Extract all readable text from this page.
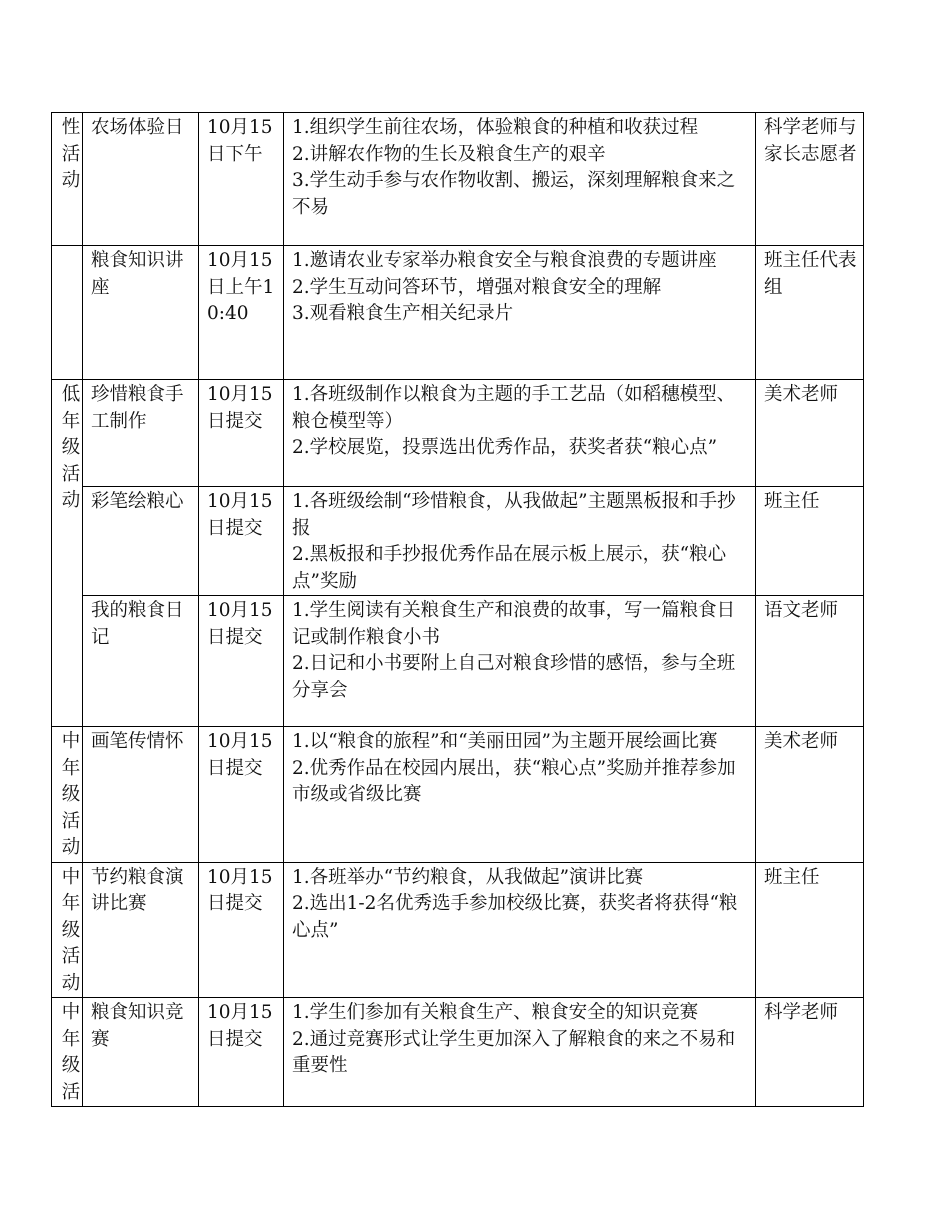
性活动	农场体验日	10月15日下午	1.组织学生前往农场，体验粮食的种植和收获过程

2.讲解农作物的生长及粮食生产的艰辛

3.学生动手参与农作物收割、搬运，深刻理解粮食来之不易	科学老师与家长志愿者

	粮食知识讲座	10月15日上午10:40	1.邀请农业专家举办粮食安全与粮食浪费的专题讲座

2.学生互动问答环节，增强对粮食安全的理解

3.观看粮食生产相关纪录片	班主任代表组

低年级活动	珍惜粮食手工制作	10月15日提交	1.各班级制作以粮食为主题的手工艺品（如稻穗模型、粮仓模型等）

2.学校展览，投票选出优秀作品，获奖者获“粮心点”	美术老师
	彩笔绘粮心	10月15日提交	1.各班级绘制“珍惜粮食，从我做起”主题黑板报和手抄报

2.黑板报和手抄报优秀作品在展示板上展示，获“粮心点”奖励	班主任
	我的粮食日记	10月15日提交	1.学生阅读有关粮食生产和浪费的故事，写一篇粮食日记或制作粮食小书

2.日记和小书要附上自己对粮食珍惜的感悟，参与全班分享会	语文老师

中年级活动	画笔传情怀	10月15日提交	1.以“粮食的旅程”和“美丽田园”为主题开展绘画比赛

2.优秀作品在校园内展出，获“粮心点”奖励并推荐参加市级或省级比赛	美术老师

中年级活动	节约粮食演讲比赛	10月15日提交	1.各班举办“节约粮食，从我做起”演讲比赛

2.选出1-2名优秀选手参加校级比赛，获奖者将获得“粮心点”	班主任

中年级活	粮食知识竞赛	10月15日提交	1.学生们参加有关粮食生产、粮食安全的知识竞赛

2.通过竞赛形式让学生更加深入了解粮食的来之不易和重要性	科学老师
